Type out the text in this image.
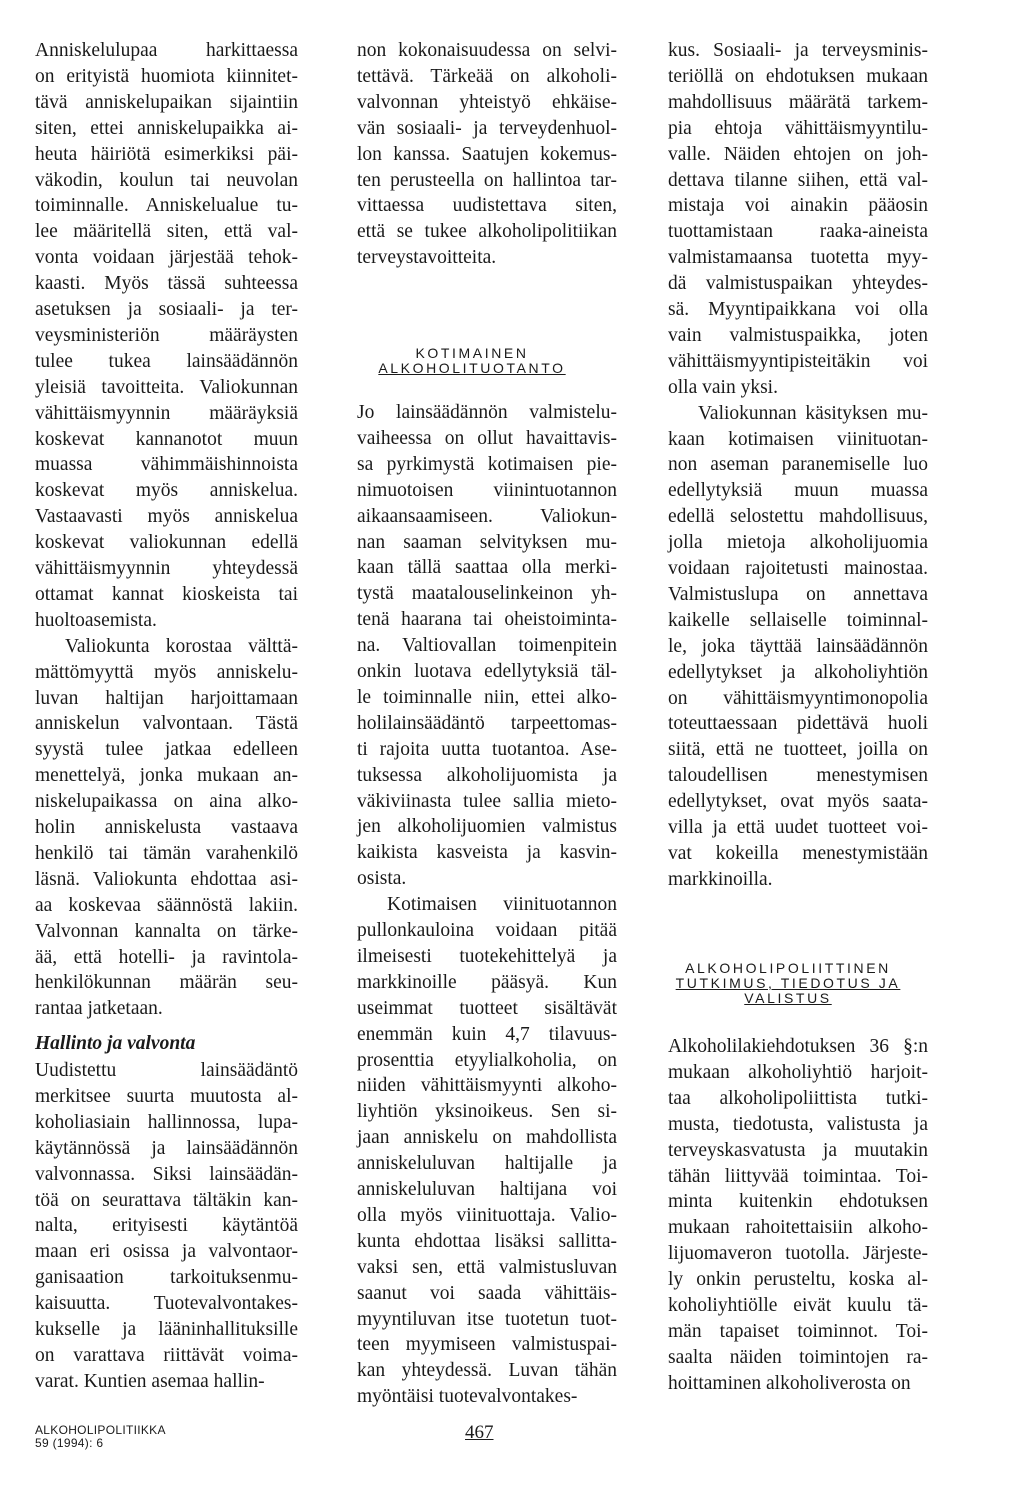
Anniskelulupaa harkittaessa

on erityistä huomiota kiinnitet-

tävä anniskelupaikan sijaintiin

siten, ettei anniskelupaikka ai-

heuta häiriötä esimerkiksi päi-

väkodin, koulun tai neuvolan

toiminnalle. Anniskelualue tu-

lee määritellä siten, että val-

vonta voidaan järjestää tehok-

kaasti. Myös tässä suhteessa

asetuksen ja sosiaali- ja ter-

veysministeriön määräysten

tulee tukea lainsäädännön

yleisiä tavoitteita. Valiokunnan

vähittäismyynnin määräyksiä

koskevat kannanotot muun

muassa vähimmäishinnoista

koskevat myös anniskelua.

Vastaavasti myös anniskelua

koskevat valiokunnan edellä

vähittäismyynnin yhteydessä

ottamat kannat kioskeista tai

huoltoasemista.

Valiokunta korostaa välttä-

mättömyyttä myös anniskelu-

luvan haltijan harjoittamaan

anniskelun valvontaan. Tästä

syystä tulee jatkaa edelleen

menettelyä, jonka mukaan an-

niskelupaikassa on aina alko-

holin anniskelusta vastaava

henkilö tai tämän varahenkilö

läsnä. Valiokunta ehdottaa asi-

aa koskevaa säännöstä lakiin.

Valvonnan kannalta on tärke-

ää, että hotelli- ja ravintola-

henkilökunnan määrän seu-

rantaa jatketaan.

Hallinto ja valvonta

Uudistettu lainsäädäntö

merkitsee suurta muutosta al-

koholiasiain hallinnossa, lupa-

käytännössä ja lainsäädännön

valvonnassa. Siksi lainsäädän-

töä on seurattava tältäkin kan-

nalta, erityisesti käytäntöä

maan eri osissa ja valvontaor-

ganisaation tarkoituksenmu-

kaisuutta. Tuotevalvontakes-

kukselle ja lääninhallituksille

on varattava riittävät voima-

varat. Kuntien asemaa hallin-

non kokonaisuudessa on selvi-

tettävä. Tärkeää on alkoholi-

valvonnan yhteistyö ehkäise-

vän sosiaali- ja terveydenhuol-

lon kanssa. Saatujen kokemus-

ten perusteella on hallintoa tar-

vittaessa uudistettava siten,

että se tukee alkoholipolitiikan

terveystavoitteita.

KOTIMAINEN
ALKOHOLITUOTANTO

Jo lainsäädännön valmistelu-

vaiheessa on ollut havaittavis-

sa pyrkimystä kotimaisen pie-

nimuotoisen viinintuotannon

aikaansaamiseen. Valiokun-

nan saaman selvityksen mu-

kaan tällä saattaa olla merki-

tystä maatalouselinkeinon yh-

tenä haarana tai oheistoiminta-

na. Valtiovallan toimenpitein

onkin luotava edellytyksiä täl-

le toiminnalle niin, ettei alko-

holilainsäädäntö tarpeettomas-

ti rajoita uutta tuotantoa. Ase-

tuksessa alkoholijuomista ja

väkiviinasta tulee sallia mieto-

jen alkoholijuomien valmistus

kaikista kasveista ja kasvin-

osista.

Kotimaisen viinituotannon

pullonkauloina voidaan pitää

ilmeisesti tuotekehittelyä ja

markkinoille pääsyä. Kun

useimmat tuotteet sisältävät

enemmän kuin 4,7 tilavuus-

prosenttia etyylialkoholia, on

niiden vähittäismyynti alkoho-

liyhtiön yksinoikeus. Sen si-

jaan anniskelu on mahdollista

anniskeluluvan haltijalle ja

anniskeluluvan haltijana voi

olla myös viinituottaja. Valio-

kunta ehdottaa lisäksi sallitta-

vaksi sen, että valmistusluvan

saanut voi saada vähittäis-

myyntiluvan itse tuotetun tuot-

teen myymiseen valmistuspai-

kan yhteydessä. Luvan tähän

myöntäisi tuotevalvontakes-

kus. Sosiaali- ja terveysminis-

teriöllä on ehdotuksen mukaan

mahdollisuus määrätä tarkem-

pia ehtoja vähittäismyyntilu-

valle. Näiden ehtojen on joh-

dettava tilanne siihen, että val-

mistaja voi ainakin pääosin

tuottamistaan raaka-aineista

valmistamaansa tuotetta myy-

dä valmistuspaikan yhteydes-

sä. Myyntipaikkana voi olla

vain valmistuspaikka, joten

vähittäismyyntipisteitäkin voi

olla vain yksi.

Valiokunnan käsityksen mu-

kaan kotimaisen viinituotan-

non aseman paranemiselle luo

edellytyksiä muun muassa

edellä selostettu mahdollisuus,

jolla mietoja alkoholijuomia

voidaan rajoitetusti mainostaa.

Valmistuslupa on annettava

kaikelle sellaiselle toiminnal-

le, joka täyttää lainsäädännön

edellytykset ja alkoholiyhtiön

on vähittäismyyntimonopolia

toteuttaessaan pidettävä huoli

siitä, että ne tuotteet, joilla on

taloudellisen menestymisen

edellytykset, ovat myös saata-

villa ja että uudet tuotteet voi-

vat kokeilla menestymistään

markkinoilla.

ALKOHOLIPOLIITTINEN
TUTKIMUS, TIEDOTUS JA
VALISTUS

Alkoholilakiehdotuksen 36 §:n

mukaan alkoholiyhtiö harjoit-

taa alkoholipoliittista tutki-

musta, tiedotusta, valistusta ja

terveyskasvatusta ja muutakin

tähän liittyvää toimintaa. Toi-

minta kuitenkin ehdotuksen

mukaan rahoitettaisiin alkoho-

lijuomaveron tuotolla. Järjeste-

ly onkin perusteltu, koska al-

koholiyhtiölle eivät kuulu tä-

män tapaiset toiminnot. Toi-

saalta näiden toimintojen ra-

hoittaminen alkoholiverosta on

ALKOHOLIPOLITIIKKA

59 (1994): 6	467
